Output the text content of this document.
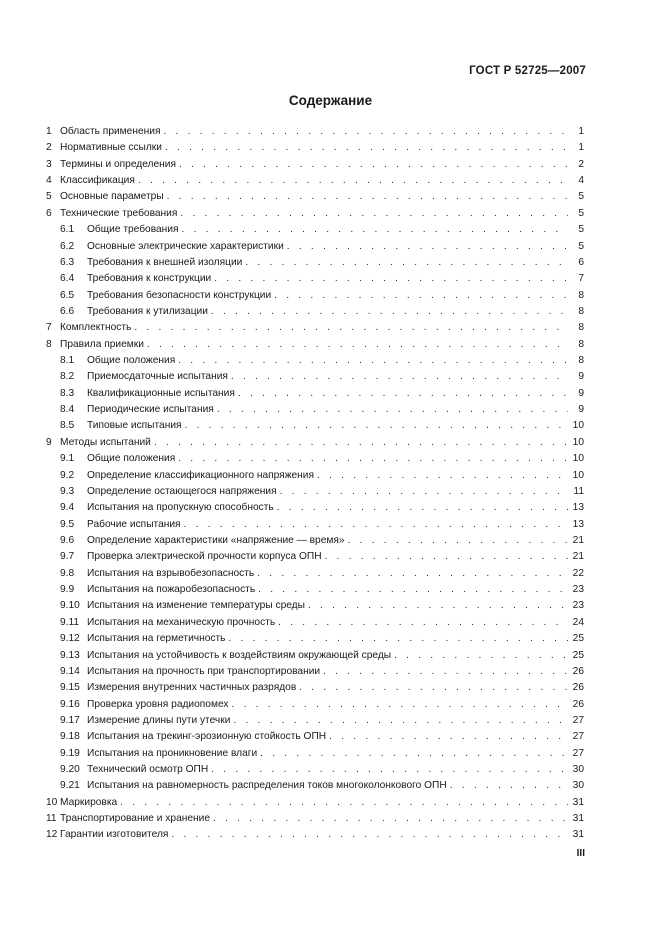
ГОСТ Р 52725—2007
Содержание
1 Область применения . . .	1
2 Нормативные ссылки . . .	1
3 Термины и определения . . .	2
4 Классификация . . .	4
5 Основные параметры . . .	5
6 Технические требования . . .	5
6.1	Общие требования . . .	5
6.2	Основные электрические характеристики . . .	5
6.3	Требования к внешней изоляции . . .	6
6.4	Требования к конструкции . . .	7
6.5	Требования безопасности конструкции . . .	8
6.6	Требования к утилизации . . .	8
7 Комплектность . . .	8
8 Правила приемки . . .	8
8.1	Общие положения . . .	8
8.2	Приемосдаточные испытания . . .	9
8.3	Квалификационные испытания . . .	9
8.4	Периодические испытания . . .	9
8.5	Типовые испытания . . .	10
9 Методы испытаний . . .	10
9.1	Общие положения . . .	10
9.2	Определение классификационного напряжения . . .	10
9.3	Определение остающегося напряжения . . .	11
9.4	Испытания на пропускную способность . . .	13
9.5	Рабочие испытания . . .	13
9.6	Определение характеристики «напряжение — время» . . .	21
9.7	Проверка электрической прочности корпуса ОПН . . .	21
9.8	Испытания на взрывобезопасность . . .	22
9.9	Испытания на пожаробезопасность . . .	23
9.10 Испытания на изменение температуры среды . . .	23
9.11 Испытания на механическую прочность . . .	24
9.12 Испытания на герметичность . . .	25
9.13 Испытания на устойчивость к воздействиям окружающей среды . . .	25
9.14 Испытания на прочность при транспортировании . . .	26
9.15 Измерения внутренних частичных разрядов . . .	26
9.16 Проверка уровня радиопомех . . .	26
9.17 Измерение длины пути утечки . . .	27
9.18 Испытания на трекинг-эрозионную стойкость ОПН . . .	27
9.19 Испытания на проникновение влаги . . .	27
9.20 Технический осмотр ОПН . . .	30
9.21 Испытания на равномерность распределения токов многоколонкового ОПН . . .	30
10 Маркировка . . .	31
11 Транспортирование и хранение . . .	31
12 Гарантии изготовителя . . .	31
III
